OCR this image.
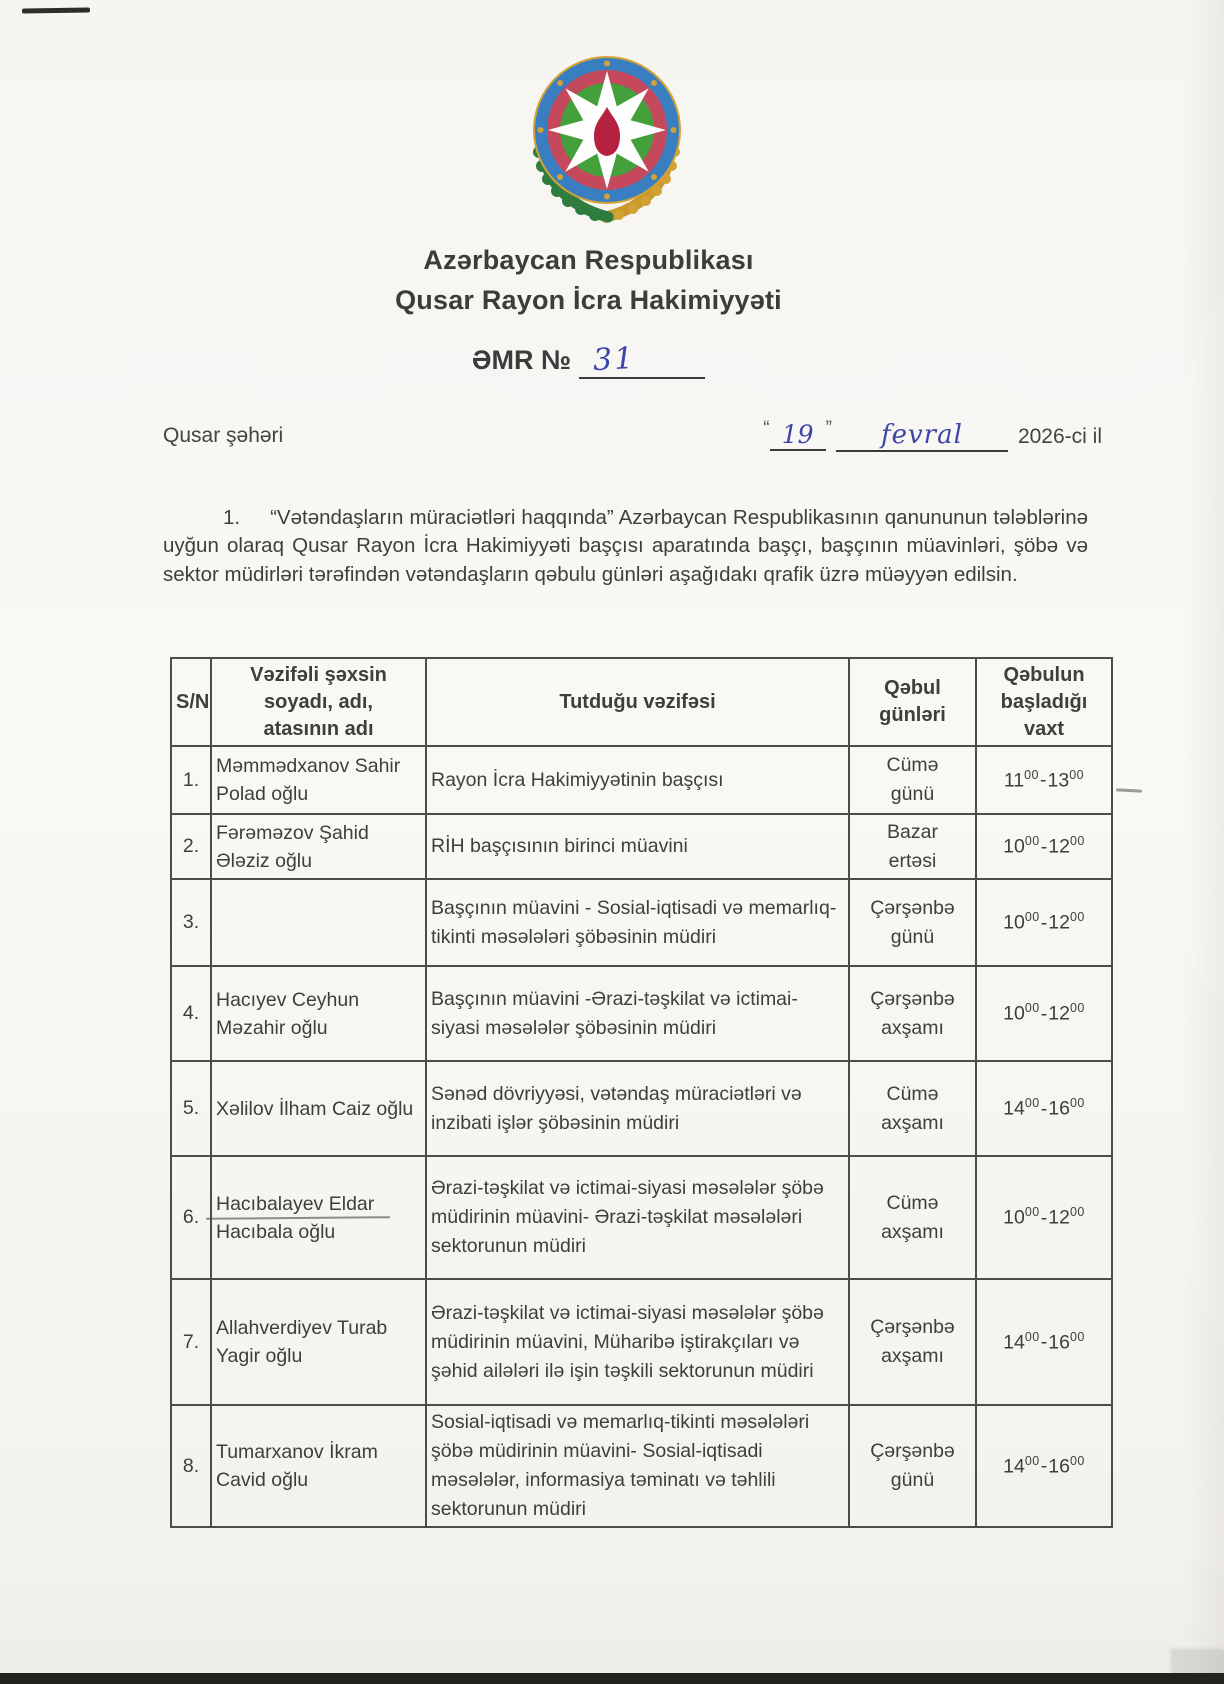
Azərbaycan Respublikası
Qusar Rayon İcra Hakimiyyəti
ƏMR № 31
Qusar şəhəri	“ 19 ” fevral	2026-ci il

1. “Vətəndaşların müraciətləri haqqında” Azərbaycan Respublikasının qanununun tələblərinə uyğun olaraq Qusar Rayon İcra Hakimiyyəti başçısı aparatında başçı, başçının müavinləri, şöbə və sektor müdirləri tərəfindən vətəndaşların qəbulu günləri aşağıdakı qrafik üzrə müəyyən edilsin.

S/N	Vəzifəli şəxsin soyadı, adı, atasının adı	Tutduğu vəzifəsi	Qəbul günləri	Qəbulun başladığı vaxt

1.	Məmmədxanov Sahir Polad oğlu	Rayon İcra Hakimiyyətinin başçısı	Cümə günü	$11^{00}-13^{00}$
2.	Fərəməzov Şahid Ələziz oğlu	RİH başçısının birinci müavini	Bazar ertəsi	$10^{00}-12^{00}$
3.		Başçının müavini - Sosial-iqtisadi və memarlıq-tikinti məsələləri şöbəsinin müdiri	Çərşənbə günü	$10^{00}-12^{00}$
4.	Hacıyev Ceyhun Məzahir oğlu	Başçının müavini -Ərazi-təşkilat və ictimai-siyasi məsələlər şöbəsinin müdiri	Çərşənbə axşamı	$10^{00}-12^{00}$
5.	Xəlilov İlham Caiz oğlu	Sənəd dövriyyəsi, vətəndaş müraciətləri və inzibati işlər şöbəsinin müdiri	Cümə axşamı	$14^{00}-16^{00}$
6.	Hacıbalayev Eldar Hacıbala oğlu	Ərazi-təşkilat və ictimai-siyasi məsələlər şöbə müdirinin müavini- Ərazi-təşkilat məsələləri sektorunun müdiri	Cümə axşamı	$10^{00}-12^{00}$
7.	Allahverdiyev Turab Yagir oğlu	Ərazi-təşkilat və ictimai-siyasi məsələlər şöbə müdirinin müavini, Müharibə iştirakçıları və şəhid ailələri ilə işin təşkili sektorunun müdiri	Çərşənbə axşamı	$14^{00}-16^{00}$
8.	Tumarxanov İkram Cavid oğlu	Sosial-iqtisadi və memarlıq-tikinti məsələləri şöbə müdirinin müavini- Sosial-iqtisadi məsələlər, informasiya təminatı və təhlili sektorunun müdiri	Çərşənbə günü	$14^{00}-16^{00}$
